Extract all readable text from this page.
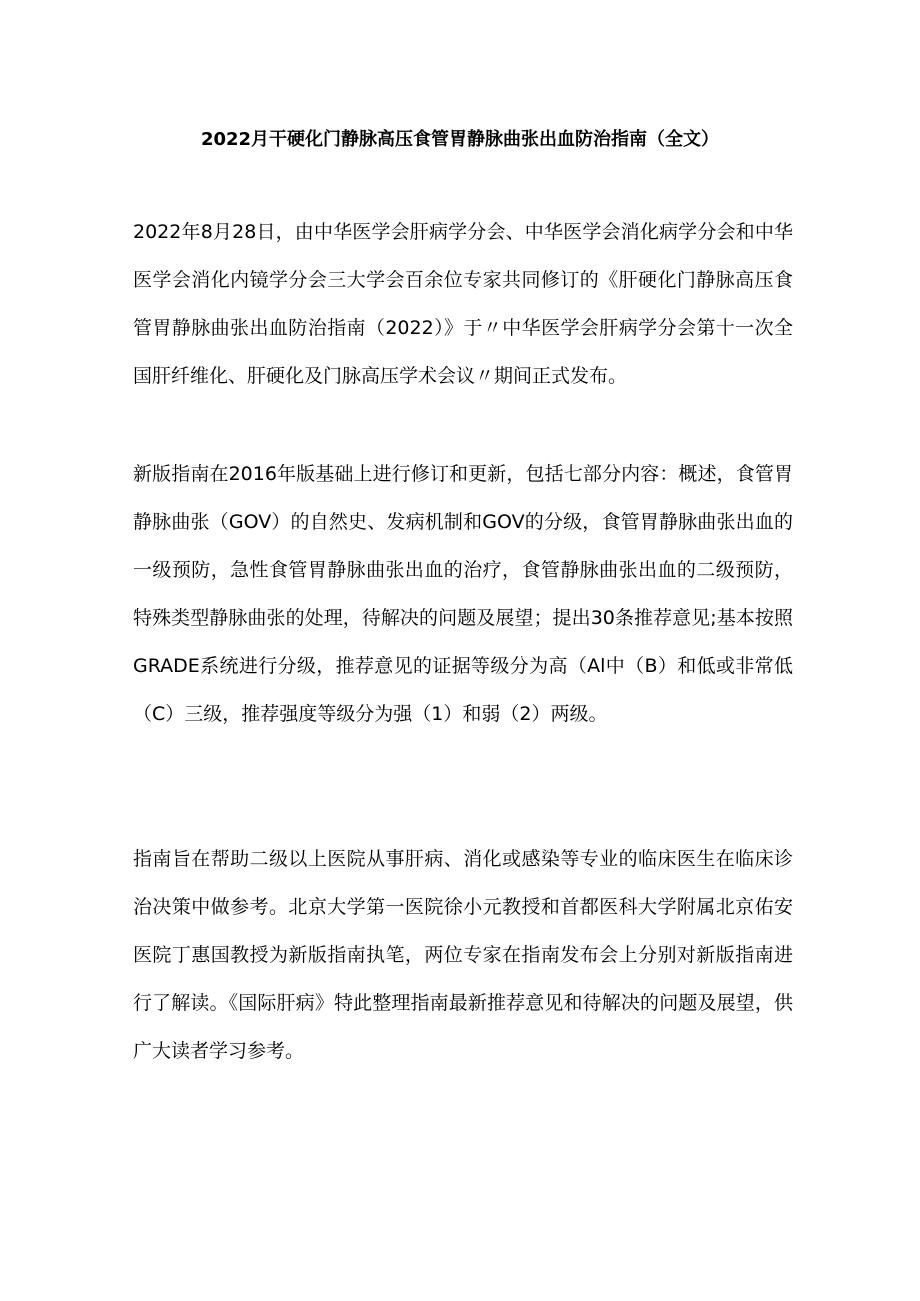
2022月干硬化门静脉高压食管胃静脉曲张出血防治指南（全文）

2022年8月28日，由中华医学会肝病学分会、中华医学会消化病学分会和中华医学会消化内镜学分会三大学会百余位专家共同修订的《肝硬化门静脉高压食管胃静脉曲张出血防治指南（2022）》于〃中华医学会肝病学分会第十一次全国肝纤维化、肝硬化及门脉高压学术会议〃期间正式发布。

新版指南在2016年版基础上进行修订和更新，包括七部分内容：概述，食管胃静脉曲张（GOV）的自然史、发病机制和GOV的分级，食管胃静脉曲张出血的一级预防，急性食管胃静脉曲张出血的治疗，食管静脉曲张出血的二级预防，特殊类型静脉曲张的处理，待解决的问题及展望；提出30条推荐意见;基本按照GRADE系统进行分级，推荐意见的证据等级分为高（Al中（B）和低或非常低（C）三级，推荐强度等级分为强（1）和弱（2）两级。

指南旨在帮助二级以上医院从事肝病、消化或感染等专业的临床医生在临床诊治决策中做参考。北京大学第一医院徐小元教授和首都医科大学附属北京佑安医院丁惠国教授为新版指南执笔，两位专家在指南发布会上分别对新版指南进行了解读。《国际肝病》特此整理指南最新推荐意见和待解决的问题及展望，供广大读者学习参考。
